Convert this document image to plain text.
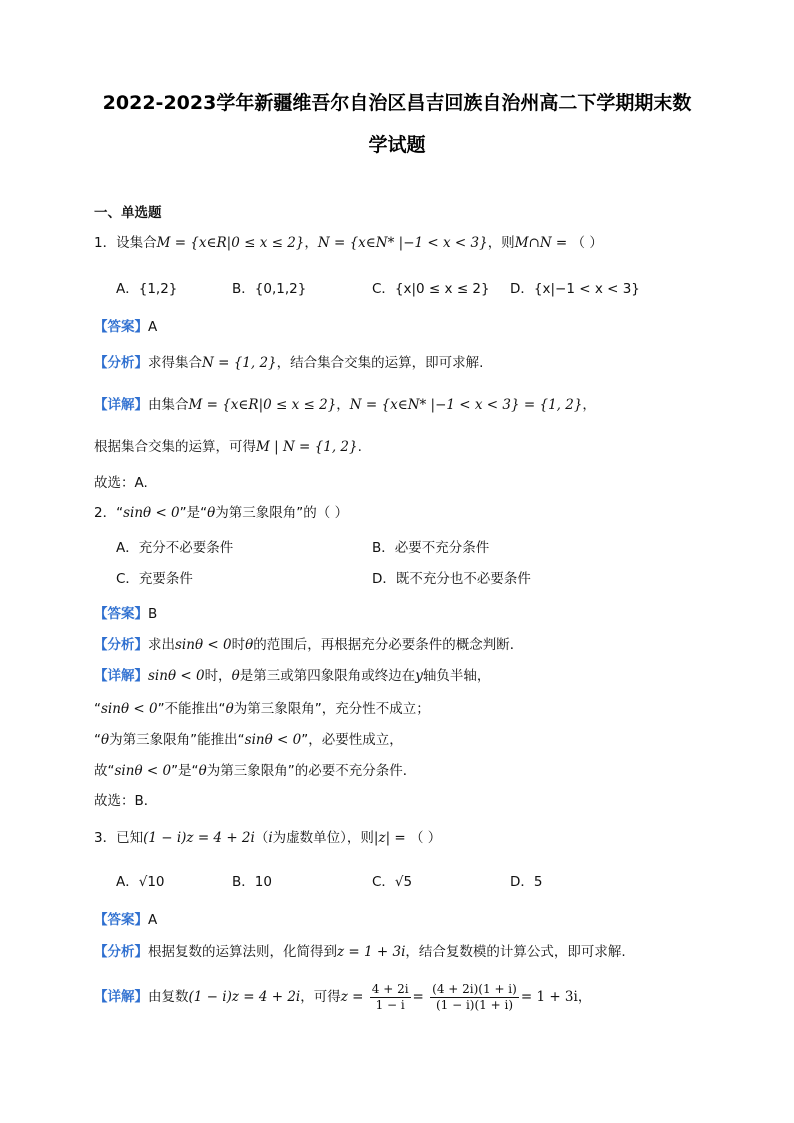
2022-2023学年新疆维吾尔自治区昌吉回族自治州高二下学期期末数
学试题
一、单选题
1．设集合M = {x∈R|0 ≤ x ≤ 2}，N = {x∈N* |−1 < x < 3}，则M∩N = （ ）
A．{1,2}	B．{0,1,2}	C．{x|0 ≤ x ≤ 2} D．{x|−1 < x < 3}
【答案】A
【分析】求得集合N = {1, 2}，结合集合交集的运算，即可求解.
【详解】由集合M = {x∈R|0 ≤ x ≤ 2}，N = {x∈N* |−1 < x < 3} = {1, 2}，
根据集合交集的运算，可得M | N = {1, 2}.
故选：A.
2．“sinθ < 0”是“θ为第三象限角”的（ ）
A．充分不必要条件	B．必要不充分条件
C．充要条件	D．既不充分也不必要条件
【答案】B
【分析】求出sinθ < 0时θ的范围后，再根据充分必要条件的概念判断．
【详解】sinθ < 0时，θ是第三或第四象限角或终边在y轴负半轴，
“sinθ < 0”不能推出“θ为第三象限角”，充分性不成立；
“θ为第三象限角”能推出“sinθ < 0”，必要性成立，
故“sinθ < 0”是“θ为第三象限角”的必要不充分条件．
故选：B．
3．已知(1 − i)z = 4 + 2i（i为虚数单位），则|z| = （ ）
A．√10	B．10	C．√5	D．5
【答案】A
【分析】根据复数的运算法则，化简得到z = 1 + 3i，结合复数模的计算公式，即可求解.
【详解】由复数(1 − i)z = 4 + 2i，可得$z = \frac{4 + 2i}{1 - i} = \frac{(4 + 2i)(1 + i)}{(1 - i)(1 + i)} = 1 + 3i$，
